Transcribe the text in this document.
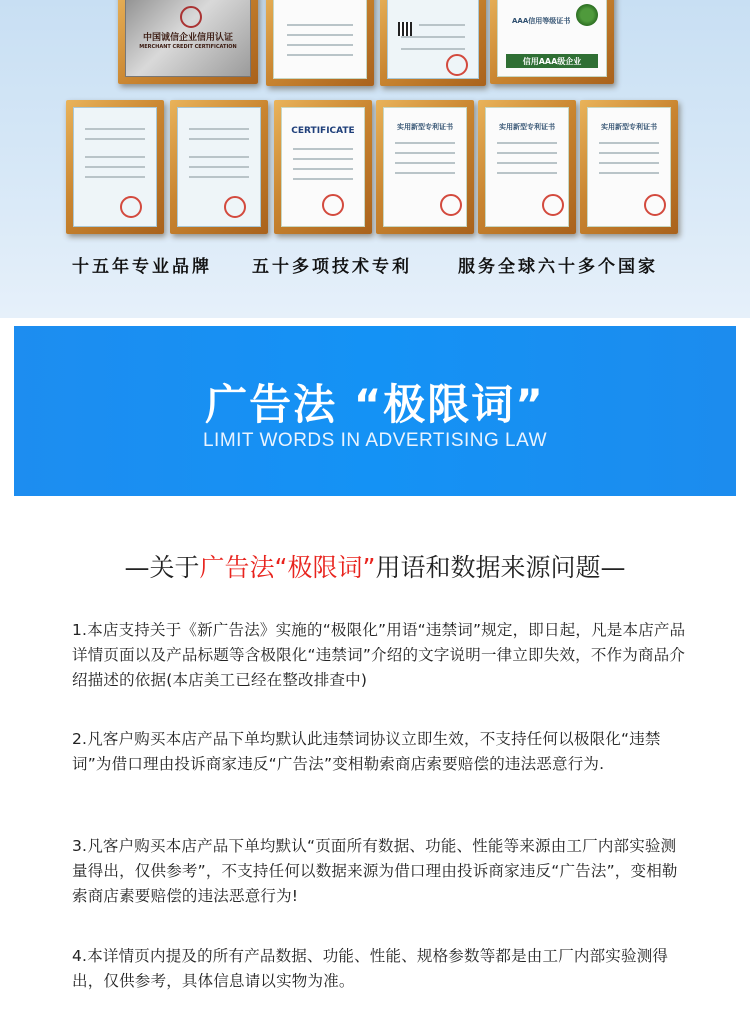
中国诚信企业信用认证
MERCHANT CREDIT CERTIFICATION
AAA信用等级证书
信用AAA级企业
CERTIFICATE	实用新型专利证书	实用新型专利证书	实用新型专利证书
十五年专业品牌 五十多项技术专利	服务全球六十多个国家
广告法 “极限词”
LIMIT WORDS IN ADVERTISING LAW
—关于广告法“极限词”用语和数据来源问题—
1.本店支持关于《新广告法》实施的“极限化”用语“违禁词”规定，即日起，凡是本店产品详情页面以及产品标题等含极限化“违禁词”介绍的文字说明一律立即失效，不作为商品介绍描述的依据(本店美工已经在整改排查中)
2.凡客户购买本店产品下单均默认此违禁词协议立即生效，不支持任何以极限化“违禁词”为借口理由投诉商家违反“广告法”变相勒索商店索要赔偿的违法恶意行为.
3.凡客户购买本店产品下单均默认“页面所有数据、功能、性能等来源由工厂内部实验测量得出，仅供参考”，不支持任何以数据来源为借口理由投诉商家违反“广告法”，变相勒索商店素要赔偿的违法恶意行为!
4.本详情页内提及的所有产品数据、功能、性能、规格参数等都是由工厂内部实验测得出，仅供参考，具体信息请以实物为准。
